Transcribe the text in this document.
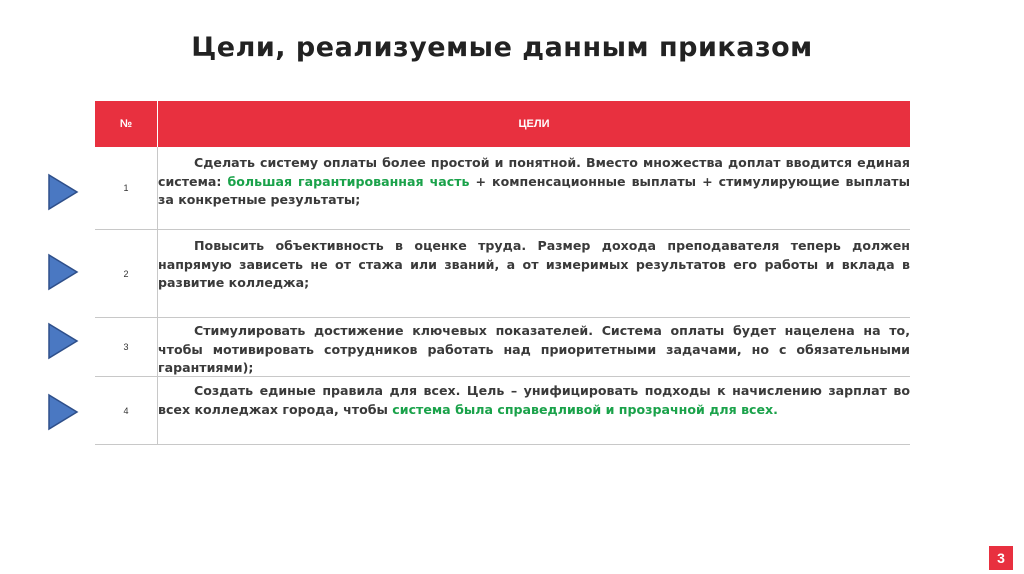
Цели, реализуемые данным приказом
№	ЦЕЛИ
1
Сделать систему оплаты более простой и понятной. Вместо множества доплат вводится единая система: большая гарантированная часть + компенсационные выплаты + стимулирующие выплаты за конкретные результаты;
2
Повысить объективность в оценке труда. Размер дохода преподавателя теперь должен напрямую зависеть не от стажа или званий, а от измеримых результатов его работы и вклада в развитие колледжа;
3
Стимулировать достижение ключевых показателей. Система оплаты будет нацелена на то, чтобы мотивировать сотрудников работать над приоритетными задачами, но с обязательными гарантиями);
4
Создать единые правила для всех. Цель – унифицировать подходы к начислению зарплат во всех колледжах города, чтобы система была справедливой и прозрачной для всех.
3
